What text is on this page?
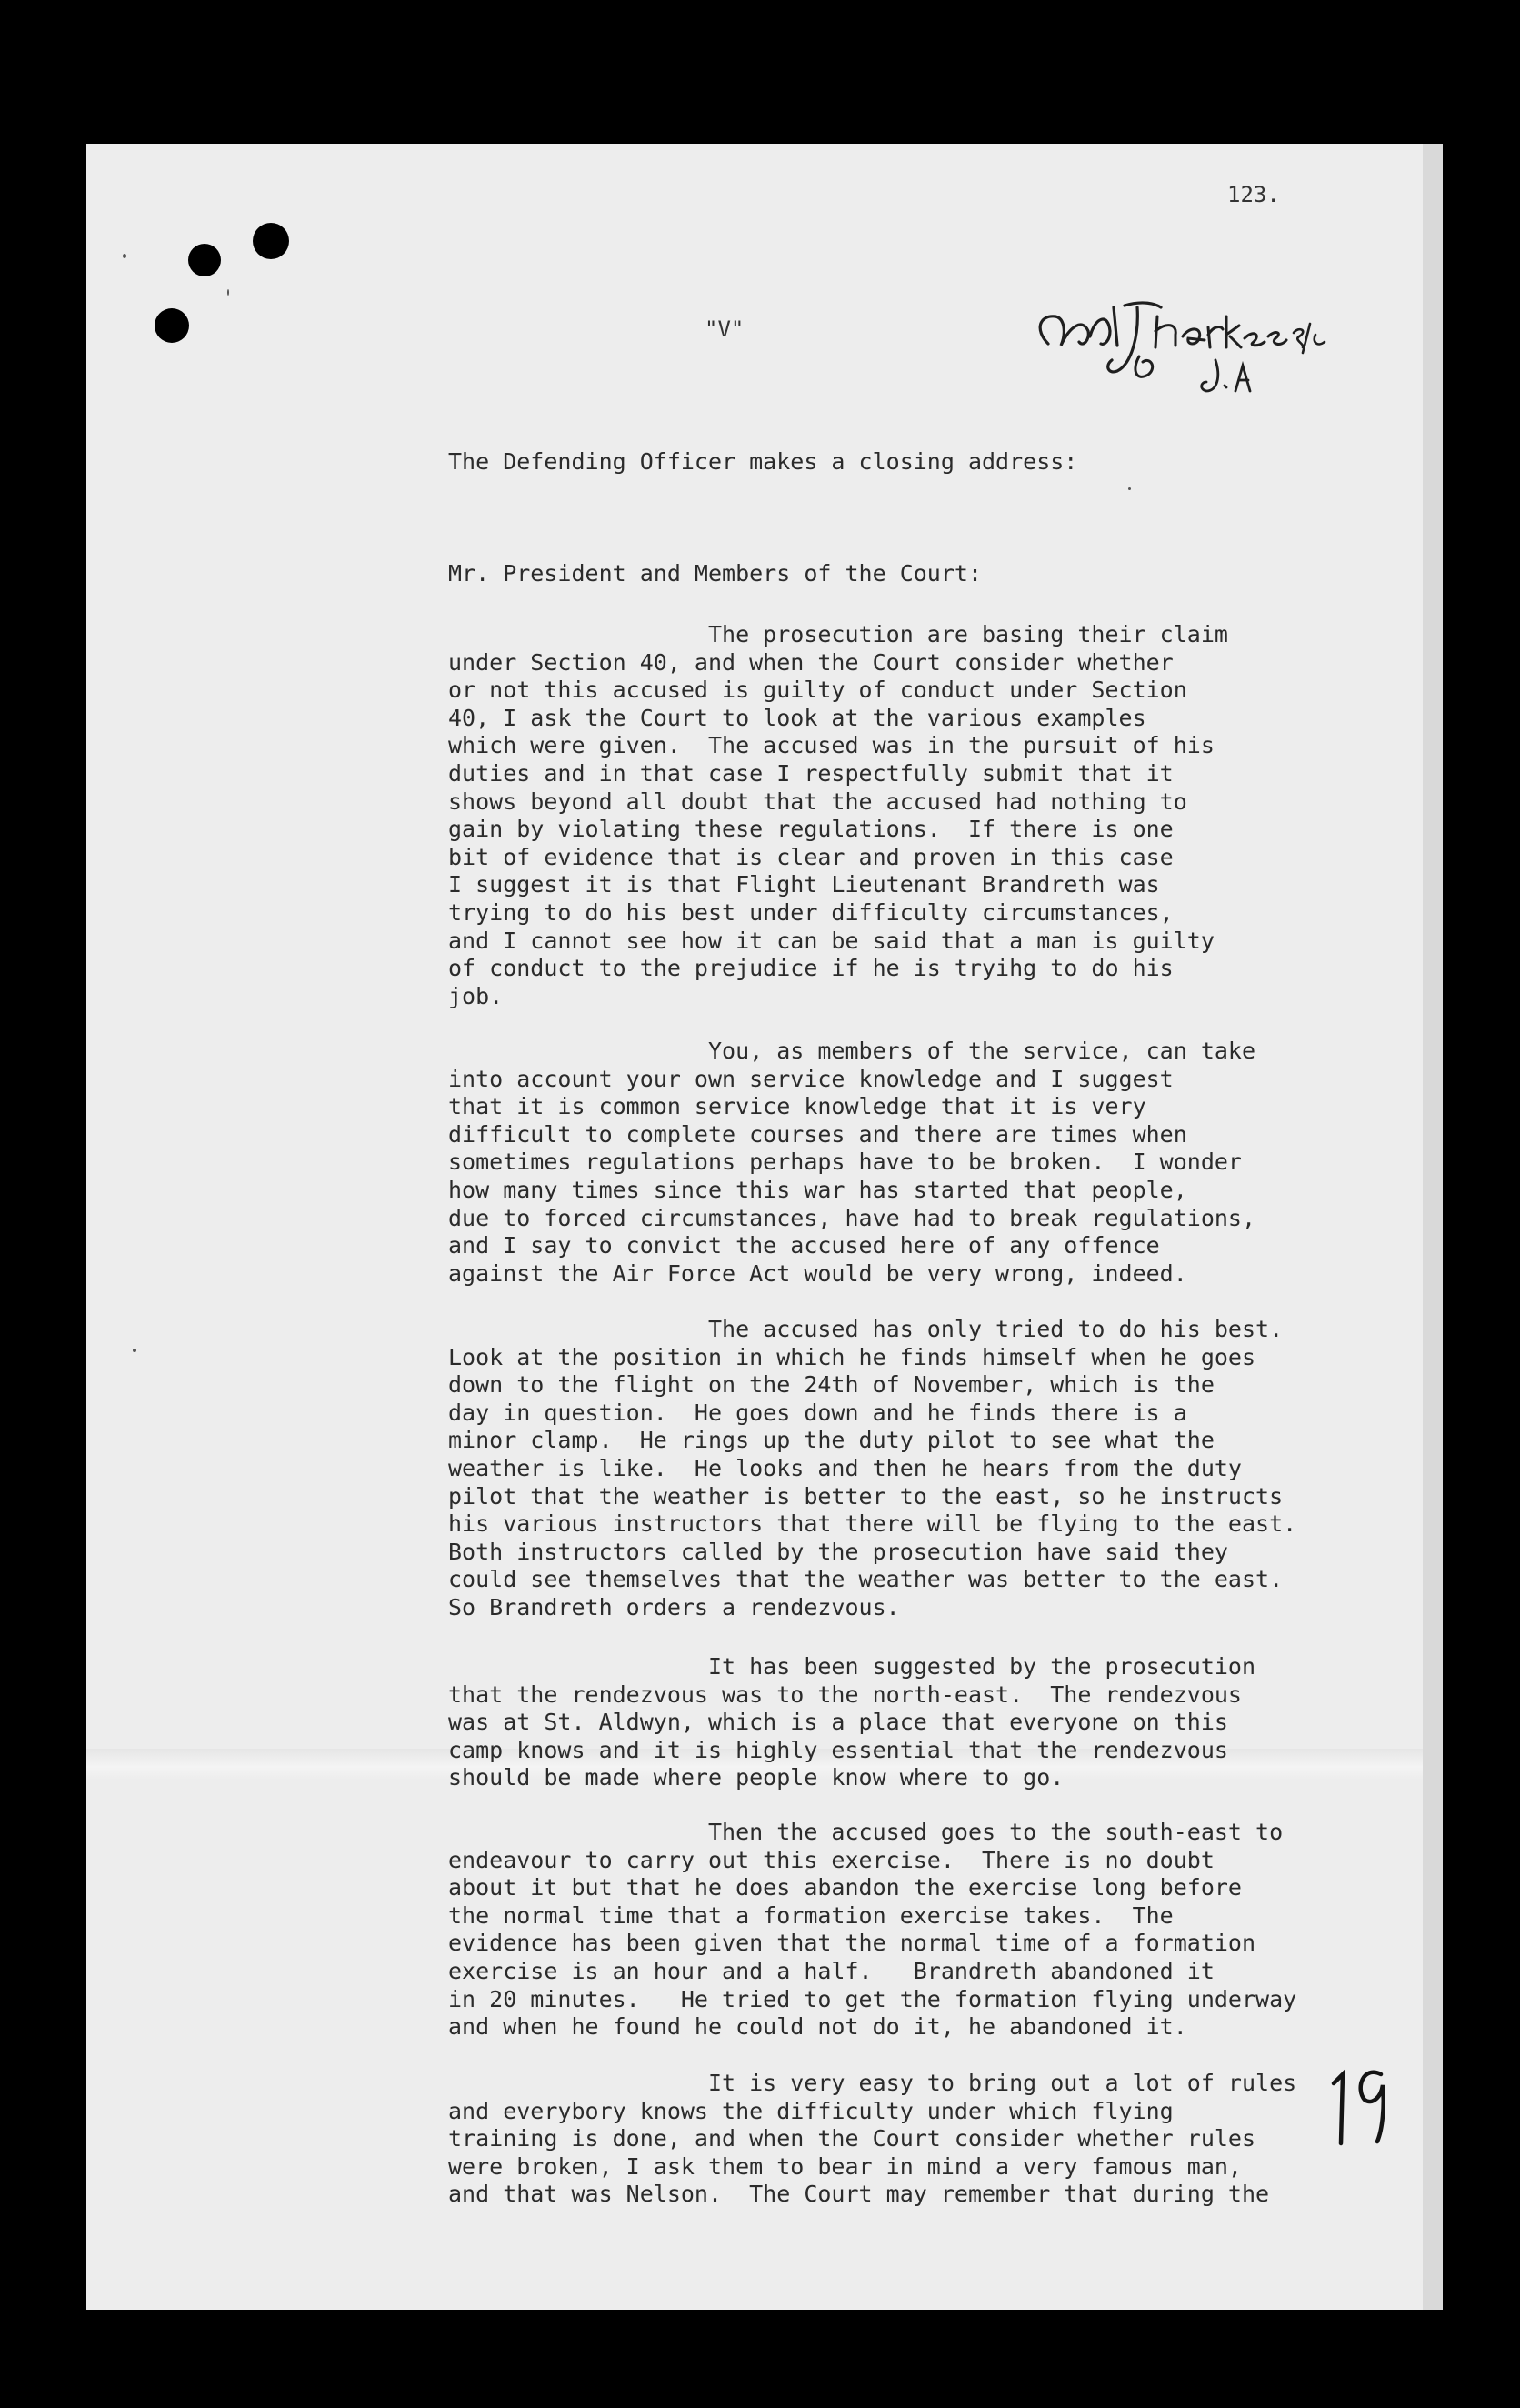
123.
"V"

The Defending Officer makes a closing address:

Mr. President and Members of the Court:

The prosecution are basing their claim
under Section 40, and when the Court consider whether
or not this accused is guilty of conduct under Section
40, I ask the Court to look at the various examples
which were given.  The accused was in the pursuit of his
duties and in that case I respectfully submit that it
shows beyond all doubt that the accused had nothing to
gain by violating these regulations.  If there is one
bit of evidence that is clear and proven in this case
I suggest it is that Flight Lieutenant Brandreth was
trying to do his best under difficulty circumstances,
and I cannot see how it can be said that a man is guilty
of conduct to the prejudice if he is tryihg to do his
job.

You, as members of the service, can take
into account your own service knowledge and I suggest
that it is common service knowledge that it is very
difficult to complete courses and there are times when
sometimes regulations perhaps have to be broken.  I wonder
how many times since this war has started that people,
due to forced circumstances, have had to break regulations,
and I say to convict the accused here of any offence
against the Air Force Act would be very wrong, indeed.

The accused has only tried to do his best.
Look at the position in which he finds himself when he goes
down to the flight on the 24th of November, which is the
day in question.  He goes down and he finds there is a
minor clamp.  He rings up the duty pilot to see what the
weather is like.  He looks and then he hears from the duty
pilot that the weather is better to the east, so he instructs
his various instructors that there will be flying to the east.
Both instructors called by the prosecution have said they
could see themselves that the weather was better to the east.
So Brandreth orders a rendezvous.

It has been suggested by the prosecution
that the rendezvous was to the north-east.  The rendezvous
was at St. Aldwyn, which is a place that everyone on this
camp knows and it is highly essential that the rendezvous
should be made where people know where to go.

Then the accused goes to the south-east to
endeavour to carry out this exercise.  There is no doubt
about it but that he does abandon the exercise long before
the normal time that a formation exercise takes.  The
evidence has been given that the normal time of a formation
exercise is an hour and a half.   Brandreth abandoned it
in 20 minutes.   He tried to get the formation flying underway
and when he found he could not do it, he abandoned it.

It is very easy to bring out a lot of rules
and everybory knows the difficulty under which flying
training is done, and when the Court consider whether rules
were broken, I ask them to bear in mind a very famous man,
and that was Nelson.  The Court may remember that during the
